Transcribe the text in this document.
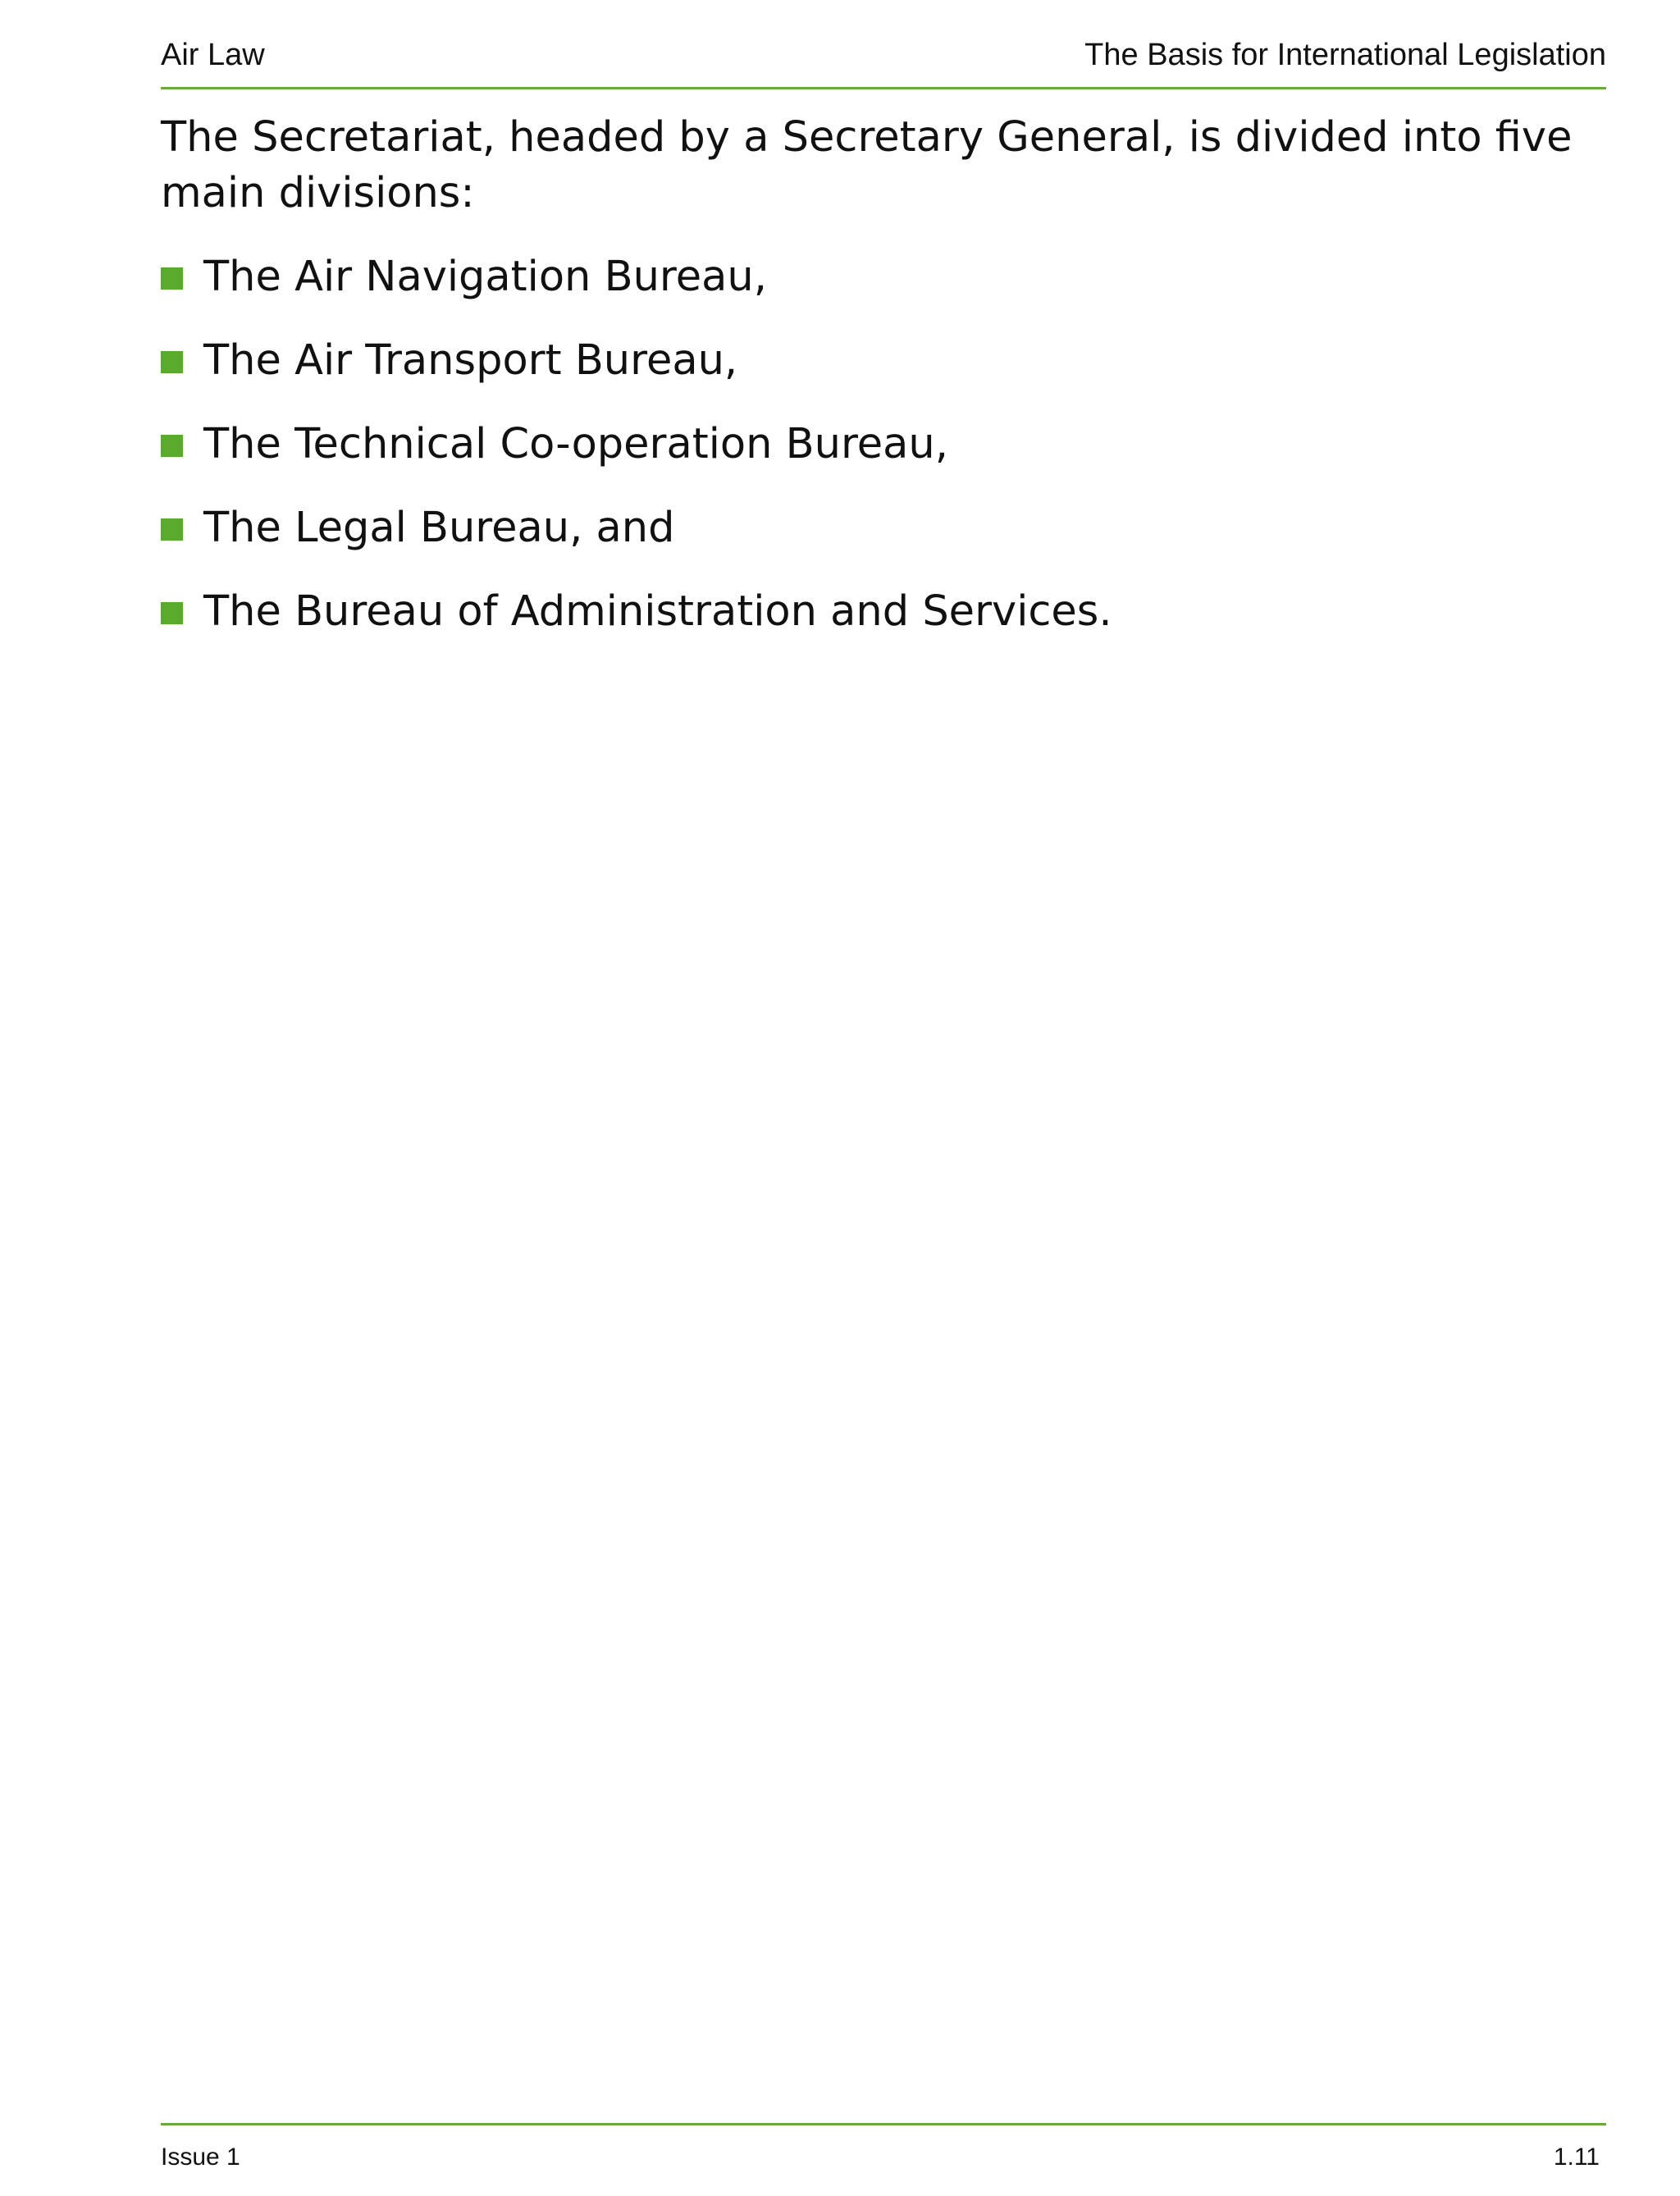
Air Law	The Basis for International Legislation

The Secretariat, headed by a Secretary General, is divided into five main divisions:

The Air Navigation Bureau,
The Air Transport Bureau,
The Technical Co-operation Bureau,
The Legal Bureau, and
The Bureau of Administration and Services.
Issue 1	1.11
